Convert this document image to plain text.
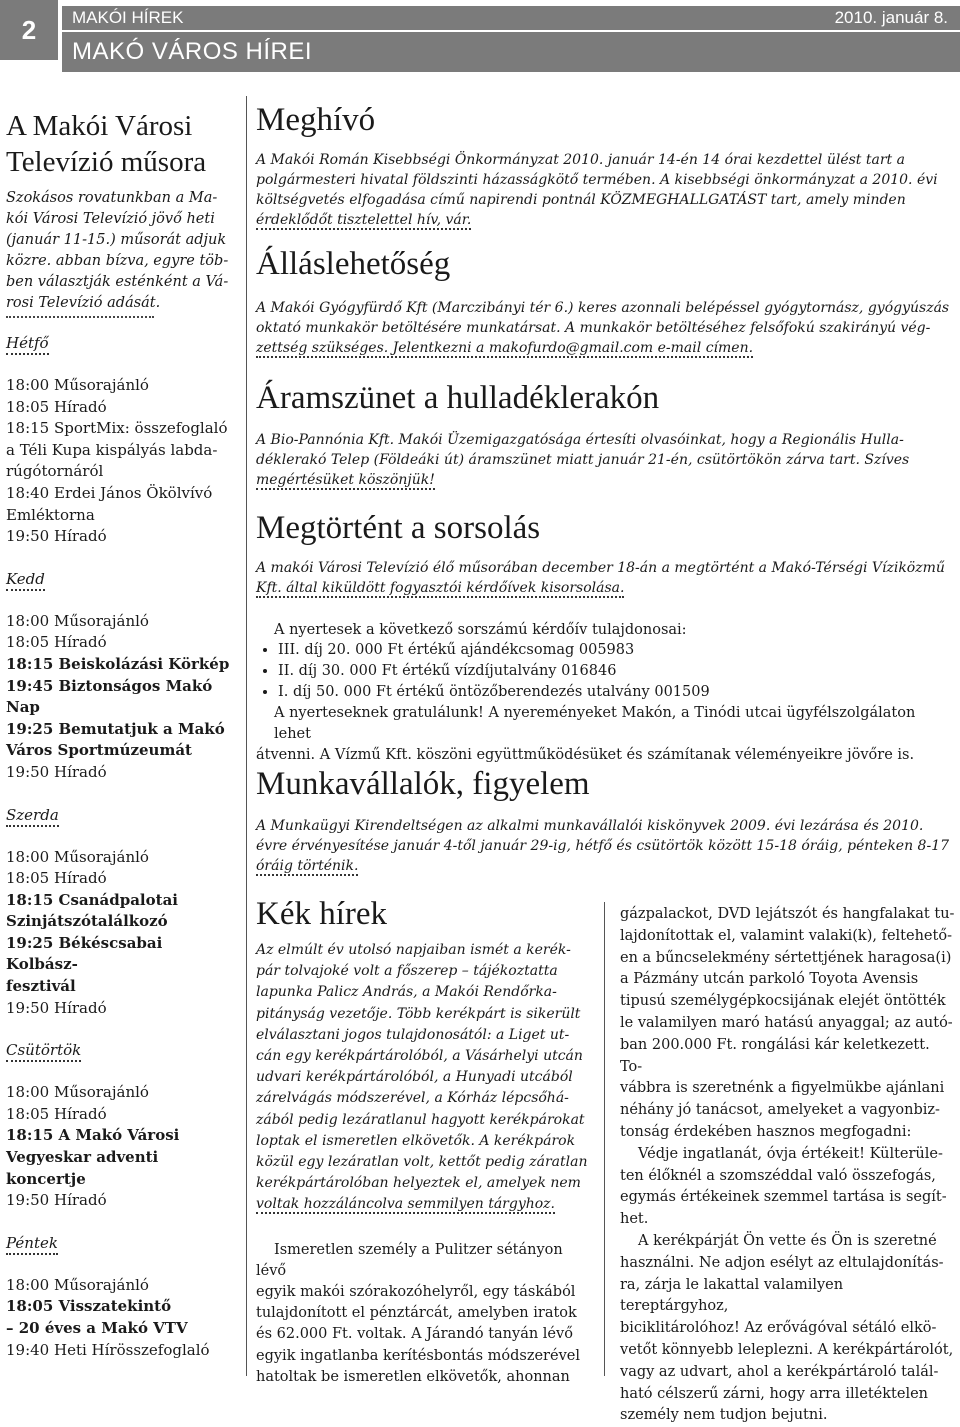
2	MAKÓI HÍREK	2010. január 8.
MAKÓ VÁROS HÍREI
A Makói Városi
Televízió műsora
Szokásos rovatunkban a Ma-
kói Városi Televízió jövő heti
(január 11-15.) műsorát adjuk
közre. abban bízva, egyre töb-
ben választják esténként a Vá-
rosi Televízió adását.
Hétfő
18:00 Műsorajánló
18:05 Híradó
18:15 SportMix: összefoglaló
a Téli Kupa kispályás labda-
rúgótornáról
18:40 Erdei János Ökölvívó
Emléktorna
19:50 Híradó
Kedd
18:00 Műsorajánló
18:05 Híradó
18:15 Beiskolázási Körkép
19:45 Biztonságos Makó
Nap
19:25 Bemutatjuk a Makó
Város Sportmúzeumát
19:50 Híradó
Szerda
18:00 Műsorajánló
18:05 Híradó
18:15 Csanádpalotai
Szinjátszótalálkozó
19:25 Békéscsabai Kolbász-
fesztivál
19:50 Híradó
Csütörtök
18:00 Műsorajánló
18:05 Híradó
18:15 A Makó Városi
Vegyeskar adventi koncertje
19:50 Híradó
Péntek
18:00 Műsorajánló
18:05 Visszatekintő
– 20 éves a Makó VTV
19:40 Heti Hírösszefoglaló
Meghívó
A Makói Román Kisebbségi Önkormányzat 2010. január 14-én 14 órai kezdettel ülést tart a
polgármesteri hivatal földszinti házasságkötő termében. A kisebbségi önkormányzat a 2010. évi
költségvetés elfogadása című napirendi pontnál KÖZMEGHALLGATÁST tart, amely minden
érdeklődőt tisztelettel hív, vár.
Álláslehetőség
A Makói Gyógyfürdő Kft (Marczibányi tér 6.) keres azonnali belépéssel gyógytornász, gyógyúszás
oktató munkakör betöltésére munkatársat. A munkakör betöltéséhez felsőfokú szakirányú vég-
zettség szükséges. Jelentkezni a makofurdo@gmail.com e-mail címen.
Áramszünet a hulladéklerakón
A Bio-Pannónia Kft. Makói Üzemigazgatósága értesíti olvasóinkat, hogy a Regionális Hulla-
déklerakó Telep (Földeáki út) áramszünet miatt január 21-én, csütörtökön zárva tart. Szíves
megértésüket köszönjük!
Megtörtént a sorsolás
A makói Városi Televízió élő műsorában december 18-án a megtörtént a Makó-Térségi Víziközmű
Kft. által kiküldött fogyasztói kérdőívek kisorsolása.
A nyertesek a következő sorszámú kérdőív tulajdonosai:
• III. díj 20. 000 Ft értékű ajándékcsomag 005983
• II. díj 30. 000 Ft értékű vízdíjutalvány 016846
• I. díj 50. 000 Ft értékű öntözőberendezés utalvány 001509
A nyerteseknek gratulálunk! A nyereményeket Makón, a Tinódi utcai ügyfélszolgálaton lehet
átvenni. A Vízmű Kft. köszöni együttműködésüket és számítanak véleményeikre jövőre is.
Munkavállalók, figyelem
A Munkaügyi Kirendeltségen az alkalmi munkavállalói kiskönyvek 2009. évi lezárása és 2010.
évre érvényesítése január 4-től január 29-ig, hétfő és csütörtök között 15-18 óráig, pénteken 8-17
óráig történik.
Kék hírek
Az elmúlt év utolsó napjaiban ismét a kerék-
pár tolvajoké volt a főszerep – tájékoztatta
lapunka Palicz András, a Makói Rendőrka-
pitányság vezetője. Több kerékpárt is sikerült
elválasztani jogos tulajdonosától: a Liget ut-
cán egy kerékpártárolóból, a Vásárhelyi utcán
udvari kerékpártárolóból, a Hunyadi utcából
zárelvágás módszerével, a Kórház lépcsőhá-
zából pedig lezáratlanul hagyott kerékpárokat
loptak el ismeretlen elkövetők. A kerékpárok
közül egy lezáratlan volt, kettőt pedig záratlan
kerékpártárolóban helyeztek el, amelyek nem
voltak hozzáláncolva semmilyen tárgyhoz.
Ismeretlen személy a Pulitzer sétányon lévő
egyik makói szórakozóhelyről, egy táskából
tulajdonított el pénztárcát, amelyben iratok
és 62.000 Ft. voltak. A Járandó tanyán lévő
egyik ingatlanba kerítésbontás módszerével
hatoltak be ismeretlen elkövetők, ahonnan
gázpalackot, DVD lejátszót és hangfalakat tu-
lajdonítottak el, valamint valaki(k), feltehető-
en a bűncselekmény sértettjének haragosa(i)
a Pázmány utcán parkoló Toyota Avensis
tipusú személygépkocsijának elejét öntötték
le valamilyen maró hatású anyaggal; az autó-
ban 200.000 Ft. rongálási kár keletkezett. To-
vábbra is szeretnénk a figyelmükbe ajánlani
néhány jó tanácsot, amelyeket a vagyonbiz-
tonság érdekében hasznos megfogadni:
Védje ingatlanát, óvja értékeit! Külterüle-
ten élőknél a szomszéddal való összefogás,
egymás értékeinek szemmel tartása is segít-
het.
A kerékpárját Ön vette és Ön is szeretné
használni. Ne adjon esélyt az eltulajdonítás-
ra, zárja le lakattal valamilyen tereptárgyhoz,
biciklitárolóhoz! Az erővágóval sétáló elkö-
vetőt könnyebb leleplezni. A kerékpártárolót,
vagy az udvart, ahol a kerékpártároló talál-
ható célszerű zárni, hogy arra illetéktelen
személy nem tudjon bejutni.
